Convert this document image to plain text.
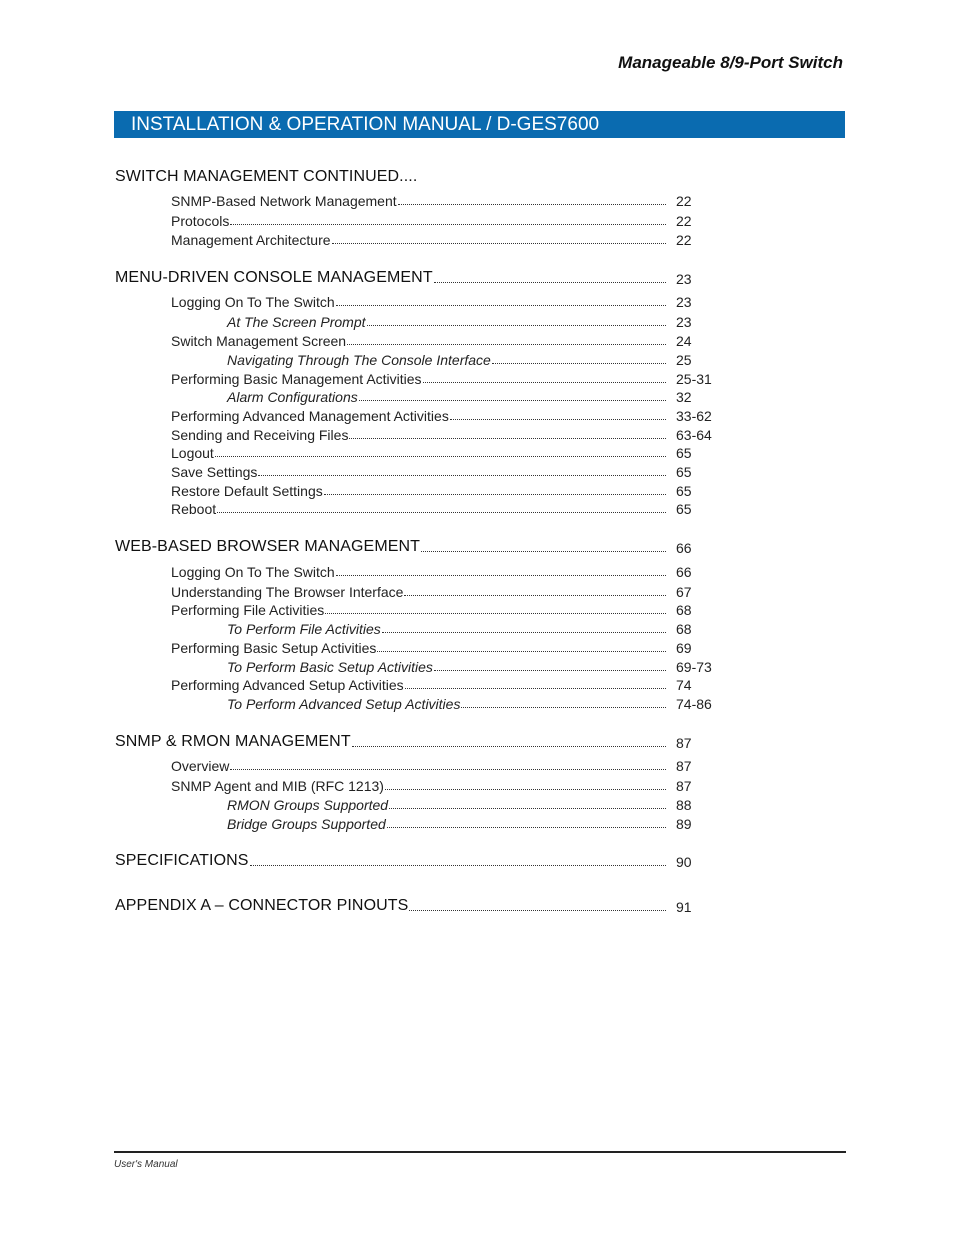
Manageable 8/9-Port Switch
INSTALLATION & OPERATION MANUAL / D-GES7600
SWITCH MANAGEMENT CONTINUED....
SNMP-Based Network Management	22
Protocols	22
Management Architecture	22
MENU-DRIVEN CONSOLE MANAGEMENT	23
Logging On To The Switch	23
At The Screen Prompt	23
Switch Management Screen	24
Navigating Through The Console Interface	25
Performing Basic Management Activities	25-31
Alarm Configurations	32
Performing Advanced Management Activities	33-62
Sending and Receiving Files	63-64
Logout	65
Save Settings	65
Restore Default Settings	65
Reboot	65
WEB-BASED BROWSER MANAGEMENT	66
Logging On To The Switch	66
Understanding The Browser Interface	67
Performing File Activities	68
To Perform File Activities	68
Performing Basic Setup Activities	69
To Perform Basic Setup Activities	69-73
Performing Advanced Setup Activities	74
To Perform Advanced Setup Activities	74-86
SNMP & RMON MANAGEMENT	87
Overview	87
SNMP Agent and MIB (RFC 1213)	87
RMON Groups Supported	88
Bridge Groups Supported	89
SPECIFICATIONS	90
APPENDIX A – CONNECTOR PINOUTS	91
User's Manual
